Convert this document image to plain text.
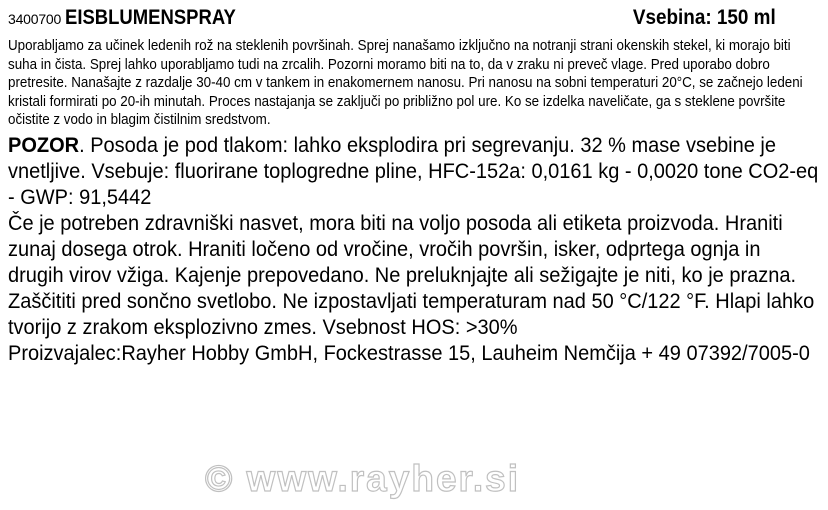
3400700 EISBLUMENSPRAY	Vsebina: 150 ml

Uporabljamo za učinek ledenih rož na steklenih površinah. Sprej nanašamo izključno na notranji strani okenskih stekel, ki morajo biti suha in čista. Sprej lahko uporabljamo tudi na zrcalih. Pozorni moramo biti na to, da v zraku ni preveč vlage. Pred uporabo dobro pretresite. Nanašajte z razdalje 30-40 cm v tankem in enakomernem nanosu. Pri nanosu na sobni temperaturi 20°C, se začnejo ledeni kristali formirati po 20-ih minutah. Proces nastajanja se zaključi po približno pol ure. Ko se izdelka naveličate, ga s steklene površite očistite z vodo in blagim čistilnim sredstvom.

POZOR. Posoda je pod tlakom: lahko eksplodira pri segrevanju. 32 % mase vsebine je vnetljive. Vsebuje: fluorirane toplogredne pline, HFC-152a: 0,0161 kg - 0,0020 tone CO2-eq - GWP: 91,5442

Če je potreben zdravniški nasvet, mora biti na voljo posoda ali etiketa proizvoda. Hraniti zunaj dosega otrok. Hraniti ločeno od vročine, vročih površin, isker, odprtega ognja in drugih virov vžiga. Kajenje prepovedano. Ne preluknjajte ali sežigajte je niti, ko je prazna. Zaščititi pred sončno svetlobo. Ne izpostavljati temperaturam nad 50 °C/122 °F. Hlapi lahko tvorijo z zrakom eksplozivno zmes. Vsebnost HOS: >30%

Proizvajalec:Rayher Hobby GmbH, Fockestrasse 15, Lauheim Nemčija + 49 07392/7005-0

© www.rayher.si
